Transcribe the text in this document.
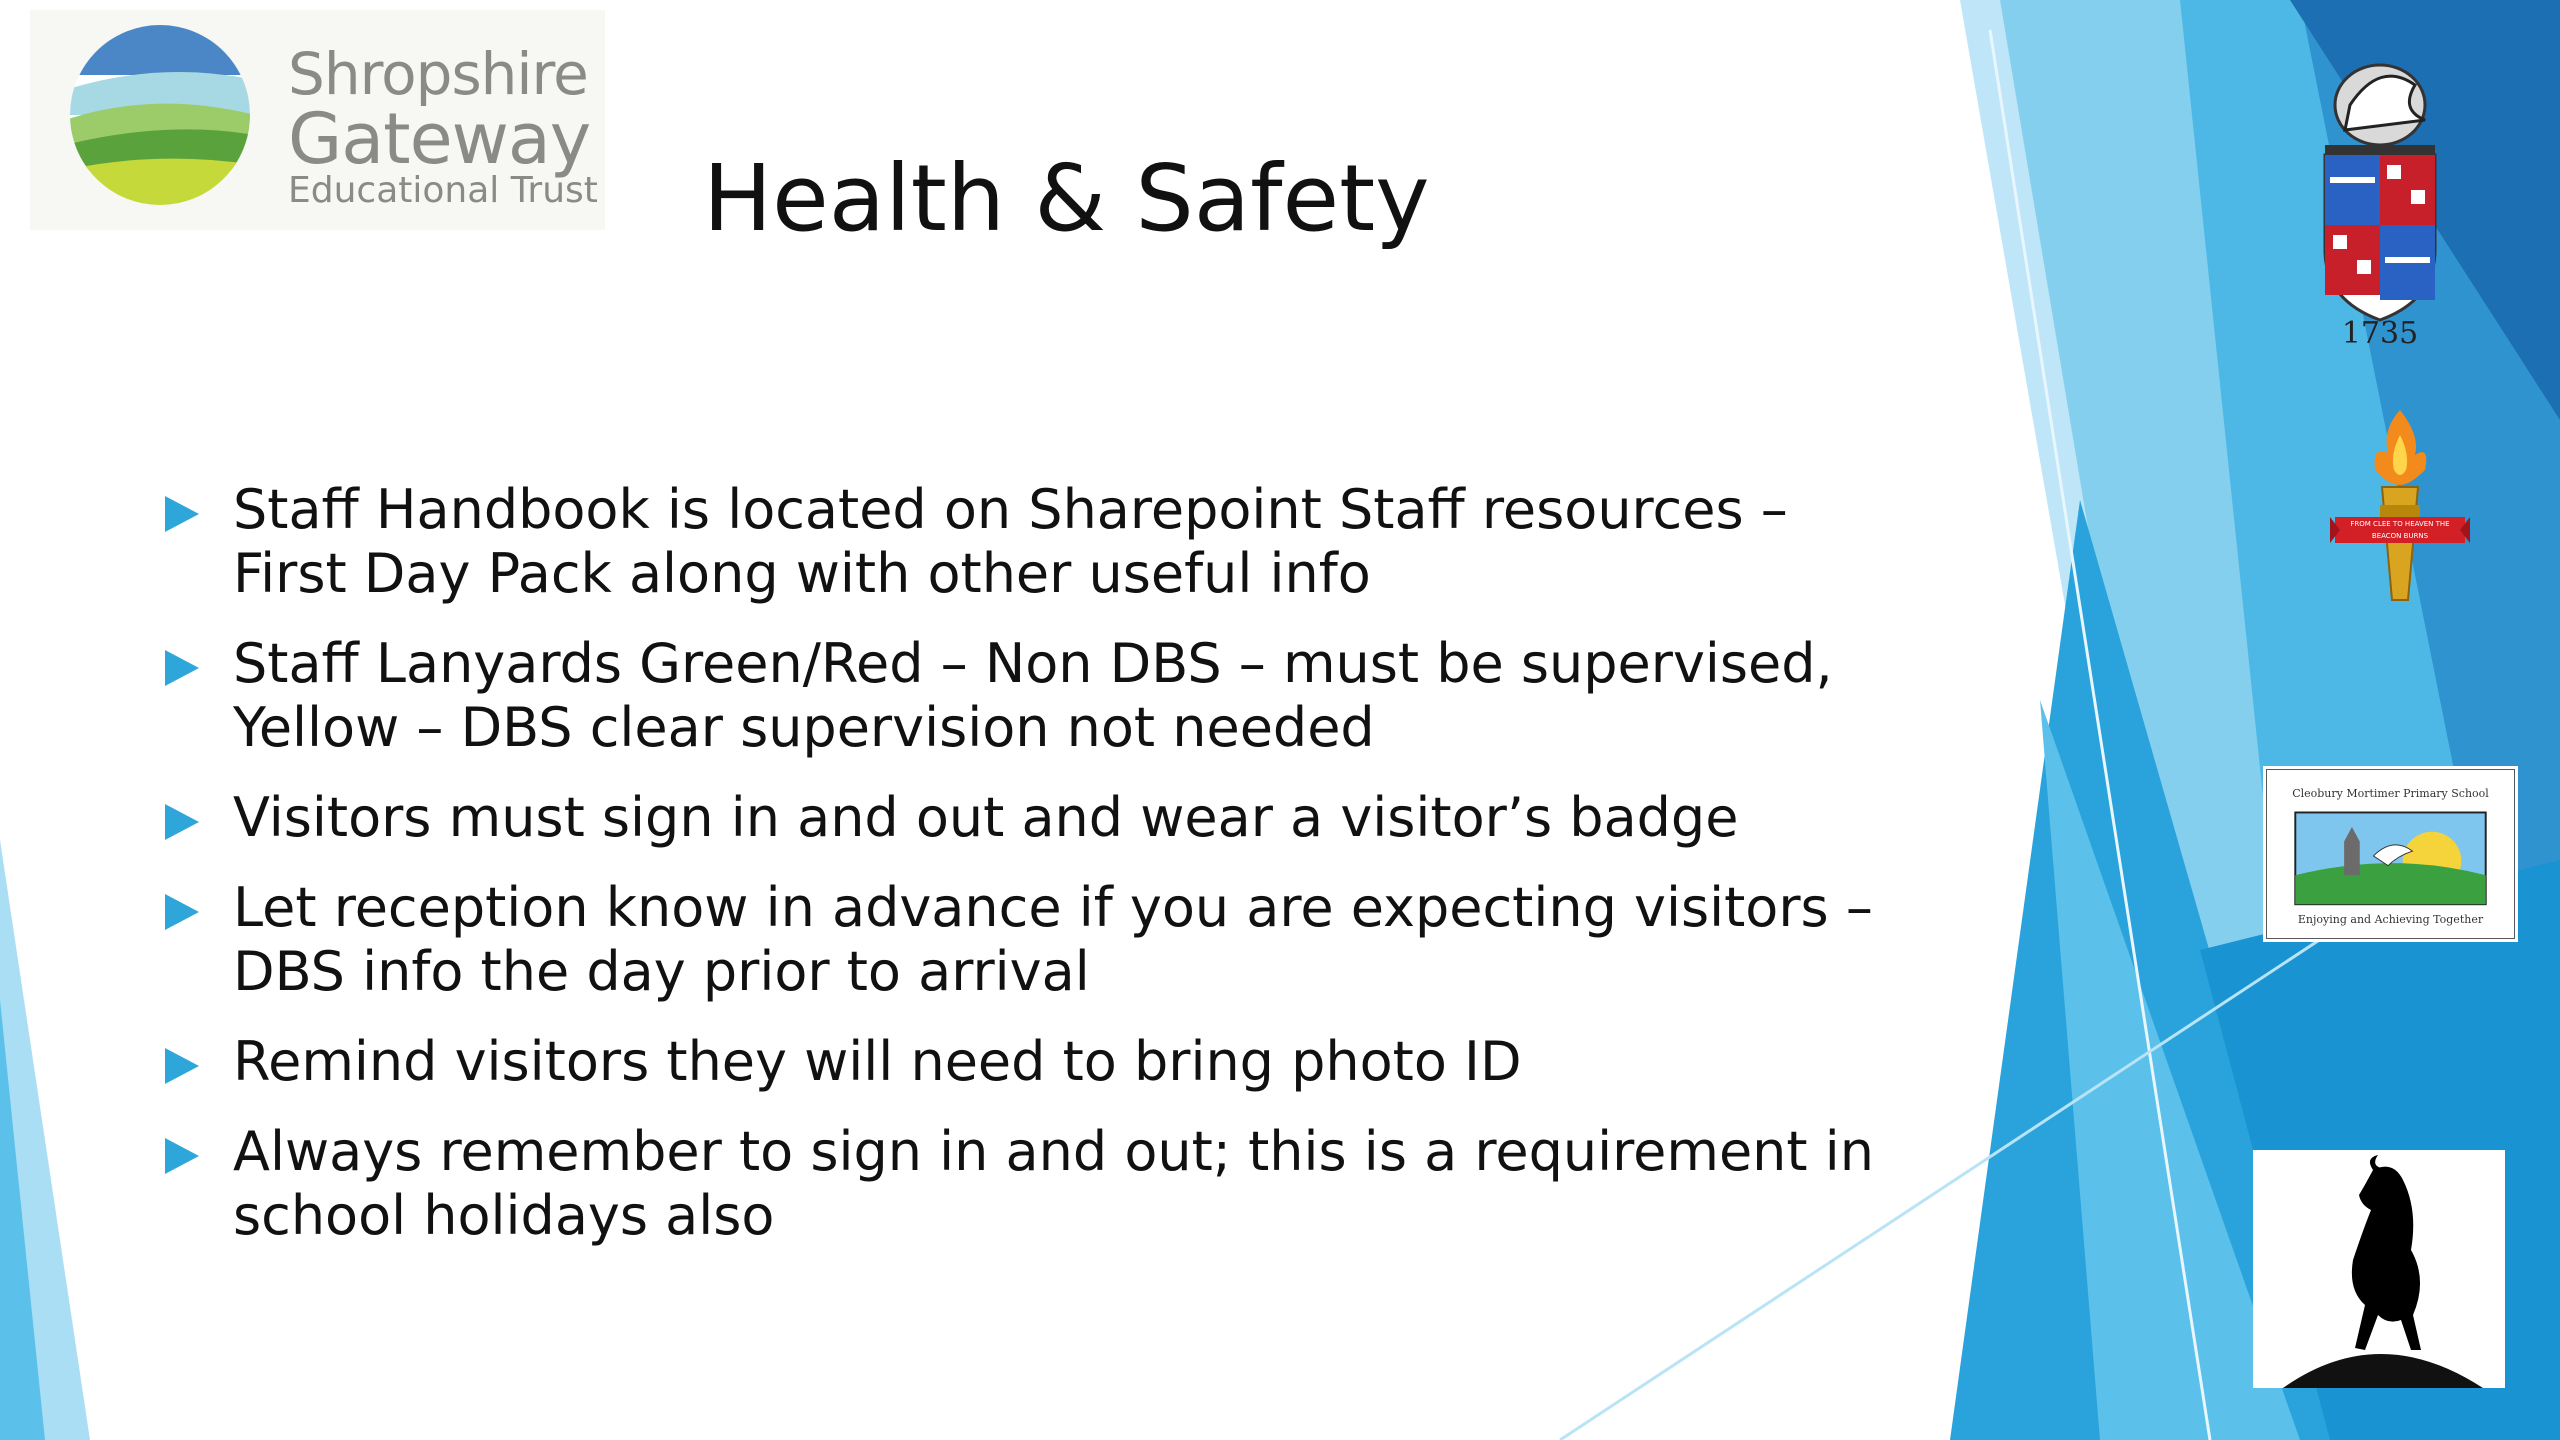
Shropshire
Gateway
Educational Trust Health & Safety
Staff Handbook is located on Sharepoint Staff resources – First Day Pack along with other useful info
Staff Lanyards Green/Red – Non DBS – must be supervised, Yellow – DBS clear supervision not needed
Visitors must sign in and out and wear a visitor’s badge
Let reception know in advance if you are expecting visitors – DBS info the day prior to arrival
Remind visitors they will need to bring photo ID
Always remember to sign in and out; this is a requirement in school holidays also
1735
FROM CLEE TO HEAVEN THE BEACON BURNS
Cleobury Mortimer Primary School
Enjoying and Achieving Together
